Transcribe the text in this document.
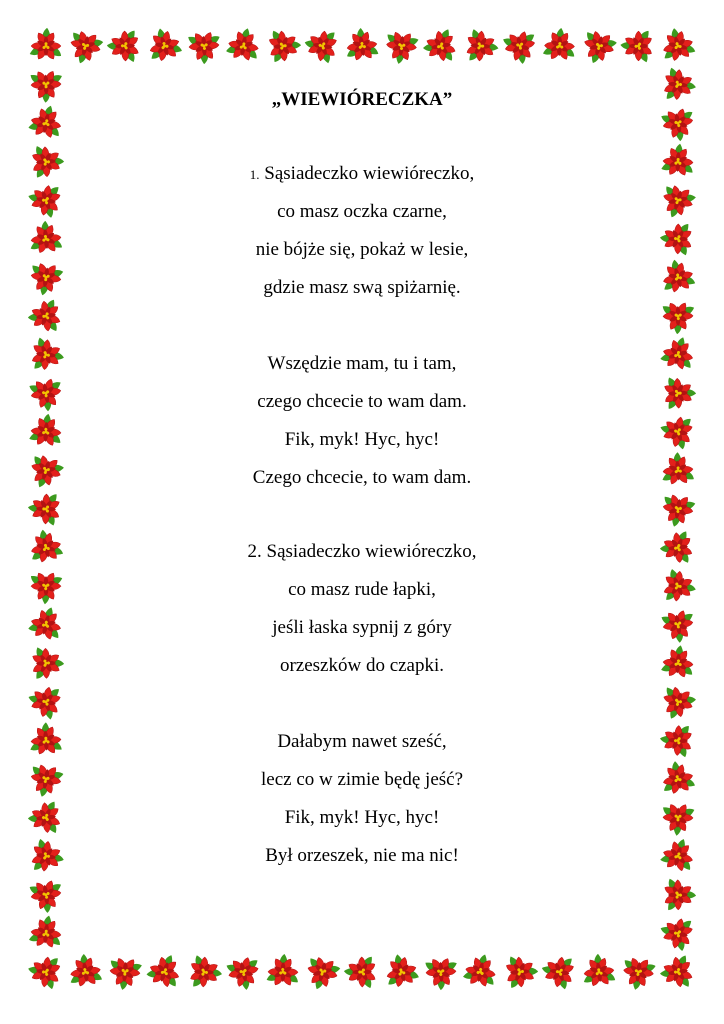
„WIEWIÓRECZKA”
1. Sąsiadeczko wiewióreczko,
co masz oczka czarne,
nie bójże się, pokaż w lesie,
gdzie masz swą spiżarnię.
Wszędzie mam, tu i tam,
czego chcecie to wam dam.
Fik, myk! Hyc, hyc!
Czego chcecie, to wam dam.
2. Sąsiadeczko wiewióreczko,
co masz rude łapki,
jeśli łaska sypnij z góry
orzeszków do czapki.
Dałabym nawet sześć,
lecz co w zimie będę jeść?
Fik, myk! Hyc, hyc!
Był orzeszek, nie ma nic!
